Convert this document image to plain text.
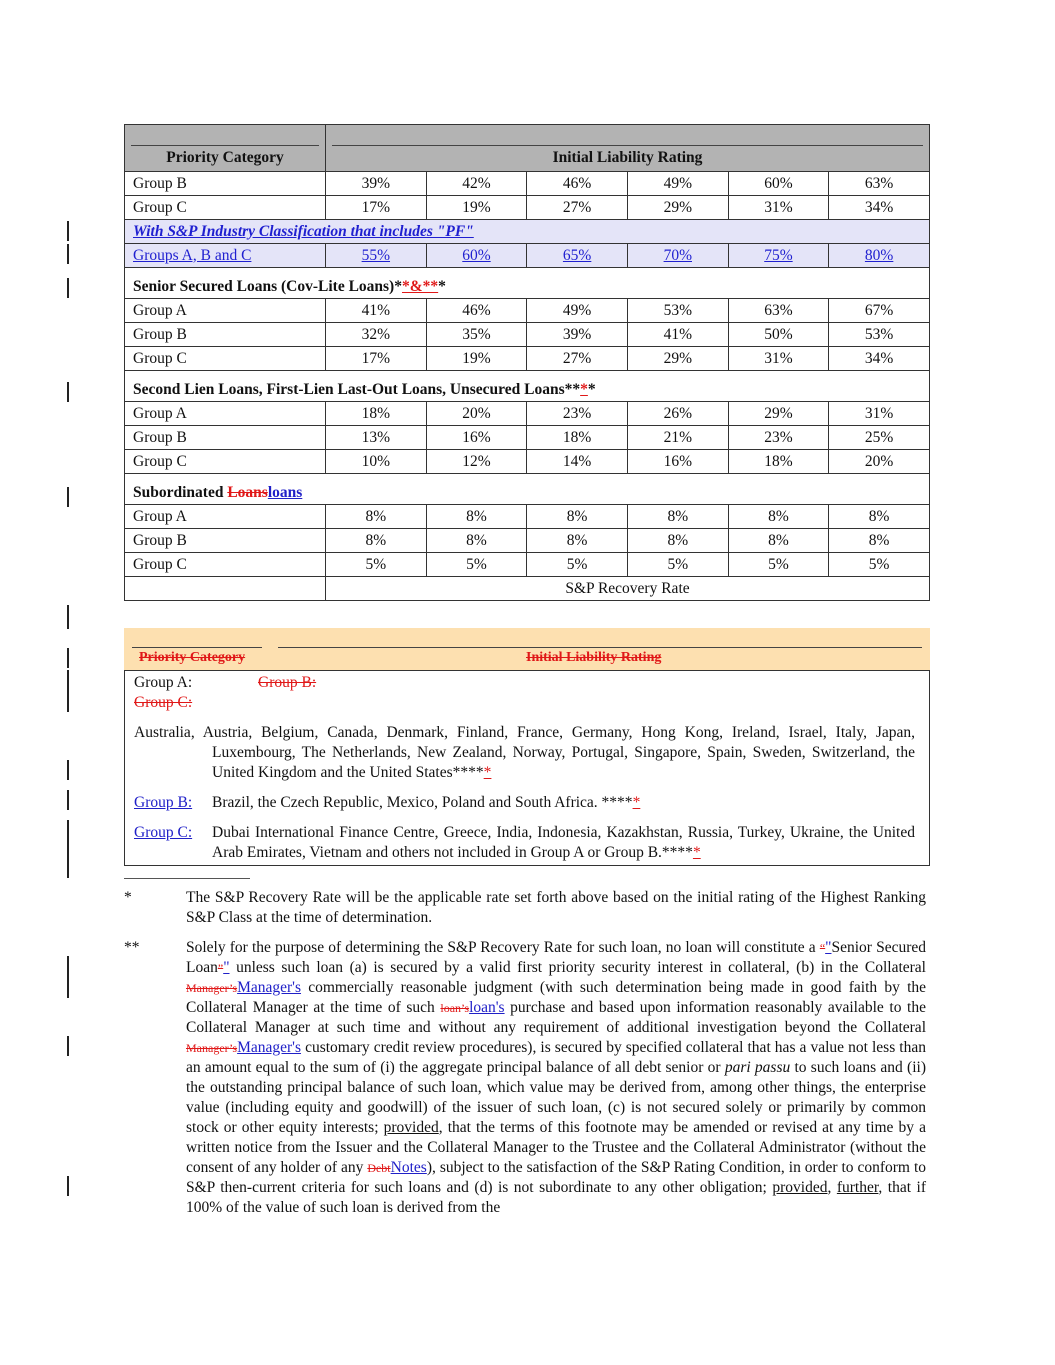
Priority Category	Initial Liability Rating					
Group B	39%	42%	46%	49%	60%	63%
Group C	17%	19%	27%	29%	31%	34%
With S&P Industry Classification that includes "PF"						
Groups A, B and C	55%	60%	65%	70%	75%	80%
Senior Secured Loans (Cov-Lite Loans)**&***						
Group A	41%	46%	49%	53%	63%	67%
Group B	32%	35%	39%	41%	50%	53%
Group C	17%	19%	27%	29%	31%	34%
Second Lien Loans, First-Lien Last-Out Loans, Unsecured Loans****						
Group A	18%	20%	23%	26%	29%	31%
Group B	13%	16%	18%	21%	23%	25%
Group C	10%	12%	14%	16%	18%	20%
Subordinated Loansloans						
Group A	8%	8%	8%	8%	8%	8%
Group B	8%	8%	8%	8%	8%	8%
Group C	5%	5%	5%	5%	5%	5%
	S&P Recovery Rate					
Priority Category	Initial Liability Rating
Group A:	Group B:
Group C:

Australia, Austria, Belgium, Canada, Denmark, Finland, France, Germany, Hong Kong, Ireland, Israel, Italy, Japan, Luxembourg, The Netherlands, New Zealand, Norway, Portugal, Singapore, Spain, Sweden, Switzerland, the United Kingdom and the United States*****

Group B: Brazil, the Czech Republic, Mexico, Poland and South Africa. *****

Group C: Dubai International Finance Centre, Greece, India, Indonesia, Kazakhstan, Russia, Turkey, Ukraine, the United Arab Emirates, Vietnam and others not included in Group A or Group B.*****

*	The S&P Recovery Rate will be the applicable rate set forth above based on the initial rating of the Highest Ranking S&P Class at the time of determination.
**	Solely for the purpose of determining the S&P Recovery Rate for such loan, no loan will constitute a “"Senior Secured Loan”" unless such loan (a) is secured by a valid first priority security interest in collateral, (b) in the Collateral Manager’sManager's commercially reasonable judgment (with such determination being made in good faith by the Collateral Manager at the time of such loan’sloan's purchase and based upon information reasonably available to the Collateral Manager at such time and without any requirement of additional investigation beyond the Collateral Manager’sManager's customary credit review procedures), is secured by specified collateral that has a value not less than an amount equal to the sum of (i) the aggregate principal balance of all debt senior or pari passu to such loans and (ii) the outstanding principal balance of such loan, which value may be derived from, among other things, the enterprise value (including equity and goodwill) of the issuer of such loan, (c) is not secured solely or primarily by common stock or other equity interests; provided, that the terms of this footnote may be amended or revised at any time by a written notice from the Issuer and the Collateral Manager to the Trustee and the Collateral Administrator (without the consent of any holder of any DebtNotes), subject to the satisfaction of the S&P Rating Condition, in order to conform to S&P then-current criteria for such loans and (d) is not subordinate to any other obligation; provided, further, that if 100% of the value of such loan is derived from the
